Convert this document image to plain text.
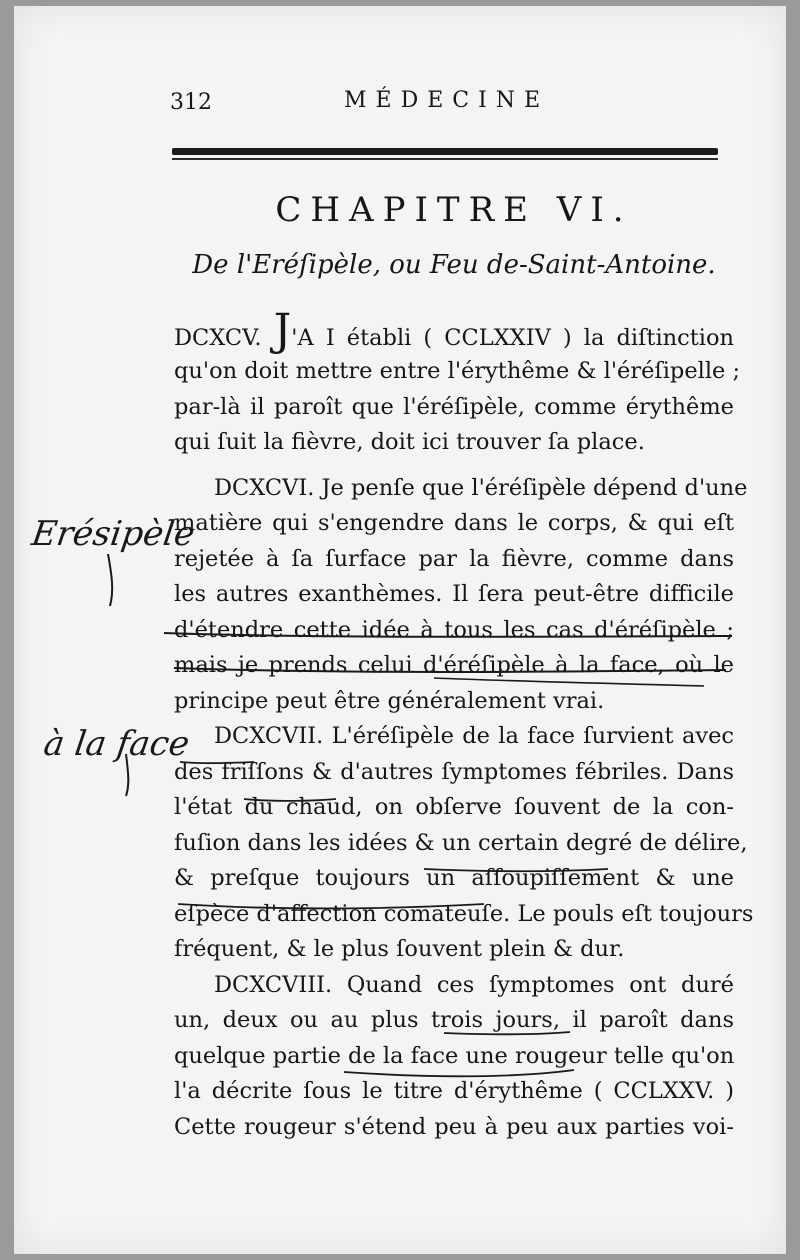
312	MÉDECINE
CHAPITRE VI.
De l'Eréſipèle, ou Feu de-Saint-Antoine.
DCXCV. J'A I établi ( CCLXXIV ) la diſtinction
qu'on doit mettre entre l'érythême & l'éréſipelle ;
par-là il paroît que l'éréſipèle, comme érythême
qui ſuit la fièvre, doit ici trouver ſa place.
DCXCVI. Je penſe que l'éréſipèle dépend d'une
matière qui s'engendre dans le corps, & qui eſt
rejetée à ſa ſurface par la fièvre, comme dans
les autres exanthèmes. Il ſera peut-être difficile
d'étendre cette idée à tous les cas d'éréſipèle ;
mais je prends celui d'éréſipèle à la face, où le
principe peut être généralement vrai.
DCXCVII. L'éréſipèle de la face ſurvient avec
des friſſons & d'autres ſymptomes fébriles. Dans
l'état du chaud, on obſerve ſouvent de la con-
fuſion dans les idées & un certain degré de délire,
& preſque toujours un aſſoupiſſement & une
eſpèce d'affection comateuſe. Le pouls eſt toujours
fréquent, & le plus ſouvent plein & dur.
DCXCVIII. Quand ces ſymptomes ont duré
un, deux ou au plus trois jours, il paroît dans
quelque partie de la face une rougeur telle qu'on
l'a décrite ſous le titre d'érythême ( CCLXXV. )
Cette rougeur s'étend peu à peu aux parties voi-
Erésipèle
à la face
